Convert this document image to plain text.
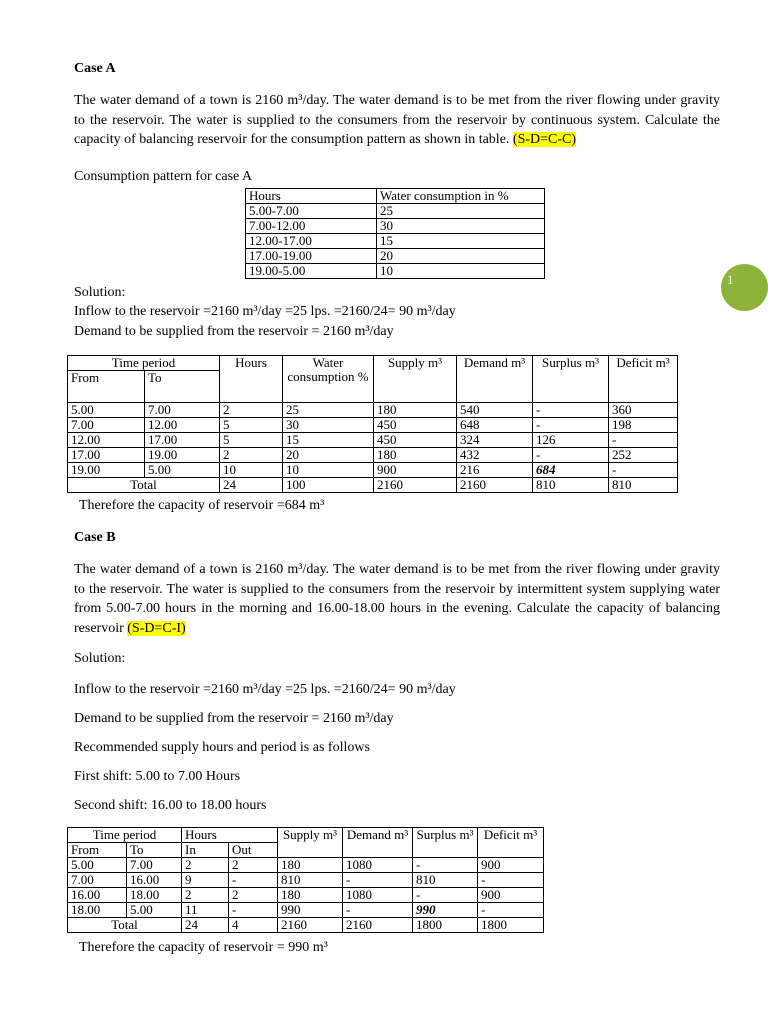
Case A
The water demand of a town is 2160 m³/day. The water demand is to be met from the river flowing under gravity to the reservoir. The water is supplied to the consumers from the reservoir by continuous system. Calculate the capacity of balancing reservoir for the consumption pattern as shown in table. (S-D=C-C)
Consumption pattern for case A
Hours	Water consumption in %
5.00-7.00	25
7.00-12.00	30
12.00-17.00	15
17.00-19.00	20
19.00-5.00	10
Solution:
Inflow to the reservoir =2160 m³/day =25 lps. =2160/24= 90 m³/day
Demand to be supplied from the reservoir = 2160 m³/day
Time period		Hours	Water consumption %	Supply m³	Demand m³	Surplus m³	Deficit m³
From	To						
5.00	7.00	2	25	180	540	-	360
7.00	12.00	5	30	450	648	-	198
12.00	17.00	5	15	450	324	126	-
17.00	19.00	2	20	180	432	-	252
19.00	5.00	10	10	900	216	684	-
Total		24	100	2160	2160	810	810
Therefore the capacity of reservoir =684 m³
Case B
The water demand of a town is 2160 m³/day. The water demand is to be met from the river flowing under gravity to the reservoir. The water is supplied to the consumers from the reservoir by intermittent system supplying water from 5.00-7.00 hours in the morning and 16.00-18.00 hours in the evening. Calculate the capacity of balancing reservoir (S-D=C-I)
Solution:
Inflow to the reservoir =2160 m³/day =25 lps. =2160/24= 90 m³/day
Demand to be supplied from the reservoir = 2160 m³/day
Recommended supply hours and period is as follows
First shift: 5.00 to 7.00 Hours
Second shift: 16.00 to 18.00 hours
Time period		Hours		Supply m³	Demand m³	Surplus m³	Deficit m³
From	To	In	Out				
5.00	7.00	2	2	180	1080	-	900
7.00	16.00	9	-	810	-	810	-
16.00	18.00	2	2	180	1080	-	900
18.00	5.00	11	-	990	-	990	-
Total		24	4	2160	2160	1800	1800
Therefore the capacity of reservoir = 990 m³
1
